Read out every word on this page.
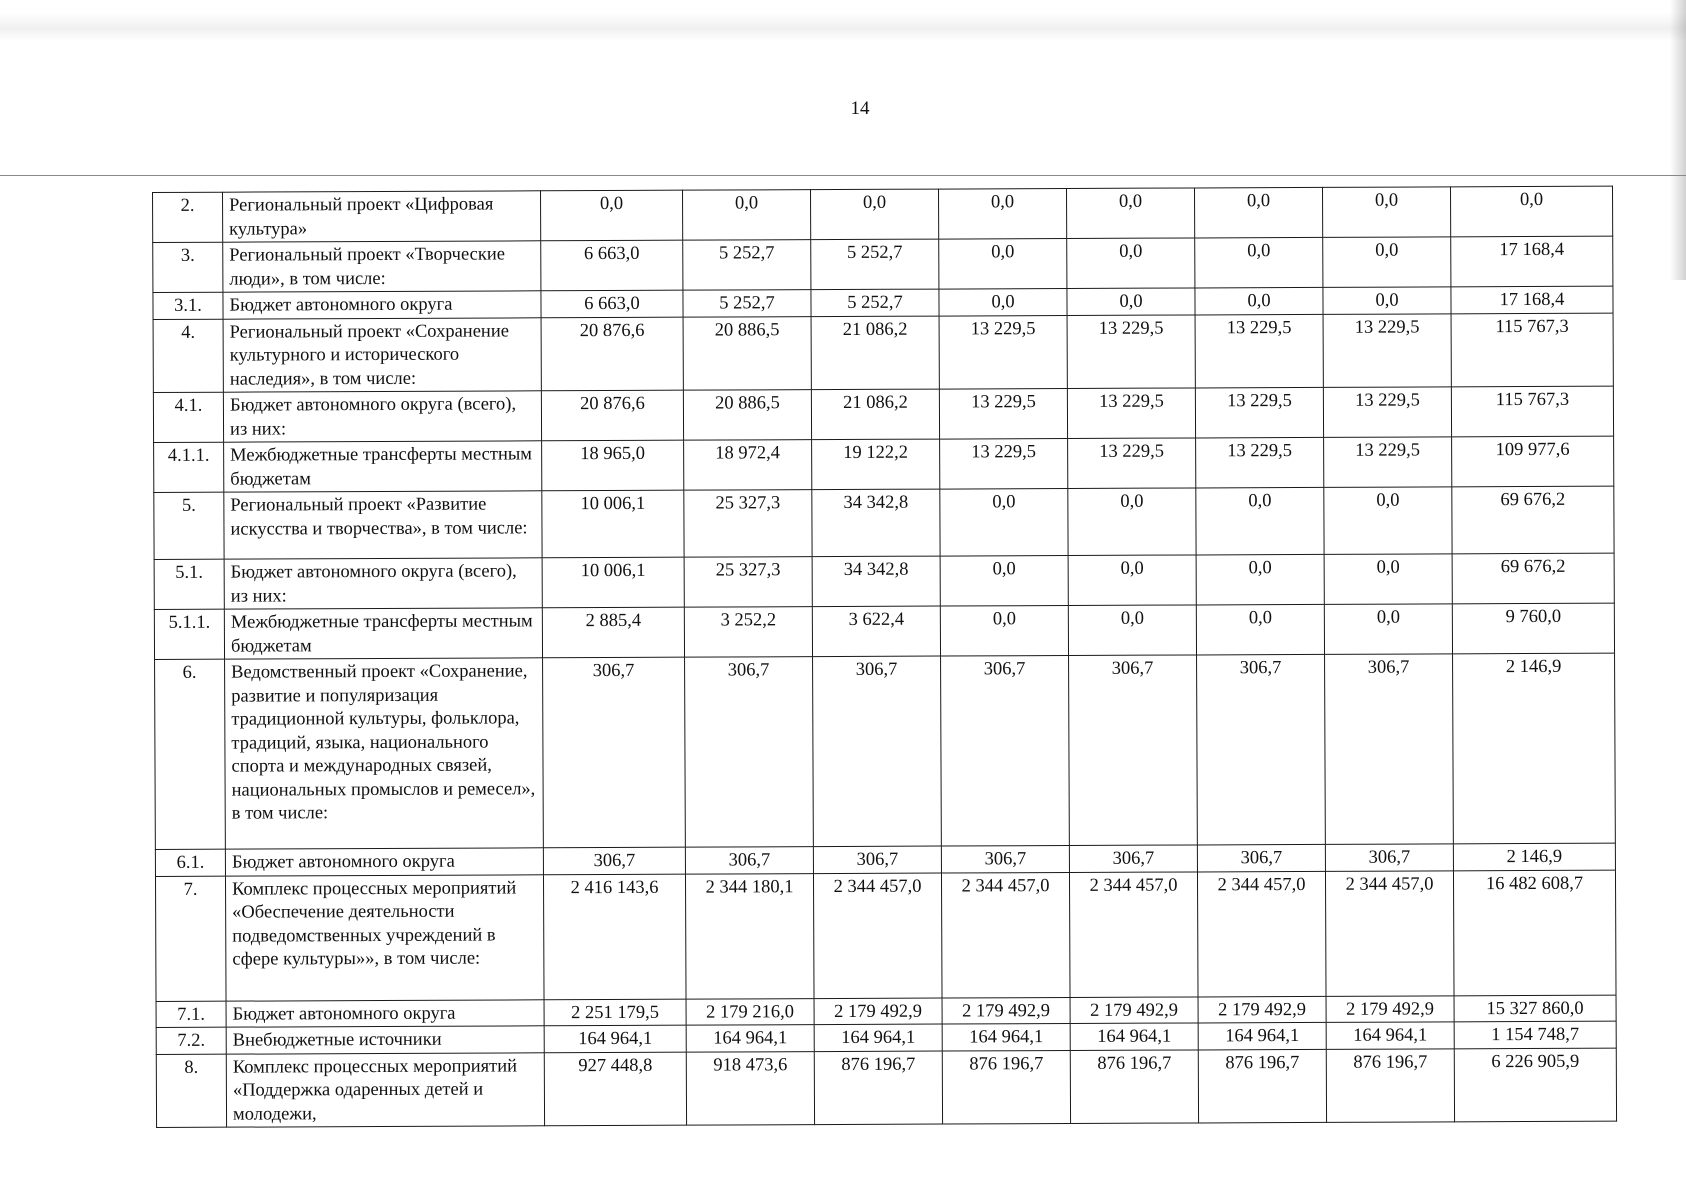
14
2.	Региональный проект «Цифровая культура»	0,0	0,0	0,0	0,0	0,0	0,0	0,0	0,0
3.	Региональный проект «Творческие люди», в том числе:	6 663,0	5 252,7	5 252,7	0,0	0,0	0,0	0,0	17 168,4
3.1.	Бюджет автономного округа	6 663,0	5 252,7	5 252,7	0,0	0,0	0,0	0,0	17 168,4
4.	Региональный проект «Сохранение культурного и исторического наследия», в том числе:	20 876,6	20 886,5	21 086,2	13 229,5	13 229,5	13 229,5	13 229,5	115 767,3
4.1.	Бюджет автономного округа (всего), из них:	20 876,6	20 886,5	21 086,2	13 229,5	13 229,5	13 229,5	13 229,5	115 767,3
4.1.1.	Межбюджетные трансферты местным бюджетам	18 965,0	18 972,4	19 122,2	13 229,5	13 229,5	13 229,5	13 229,5	109 977,6
5.	Региональный проект «Развитие искусства и творчества», в том числе:	10 006,1	25 327,3	34 342,8	0,0	0,0	0,0	0,0	69 676,2
5.1.	Бюджет автономного округа (всего), из них:	10 006,1	25 327,3	34 342,8	0,0	0,0	0,0	0,0	69 676,2
5.1.1.	Межбюджетные трансферты местным бюджетам	2 885,4	3 252,2	3 622,4	0,0	0,0	0,0	0,0	9 760,0
6.	Ведомственный проект «Сохранение, развитие и популяризация традиционной культуры, фольклора, традиций, языка, национального спорта и международных связей, национальных промыслов и ремесел», в том числе:	306,7	306,7	306,7	306,7	306,7	306,7	306,7	2 146,9
6.1.	Бюджет автономного округа	306,7	306,7	306,7	306,7	306,7	306,7	306,7	2 146,9
7.	Комплекс процессных мероприятий «Обеспечение деятельности подведомственных учреждений в сфере культуры»», в том числе:	2 416 143,6	2 344 180,1	2 344 457,0	2 344 457,0	2 344 457,0	2 344 457,0	2 344 457,0	16 482 608,7
7.1.	Бюджет автономного округа	2 251 179,5	2 179 216,0	2 179 492,9	2 179 492,9	2 179 492,9	2 179 492,9	2 179 492,9	15 327 860,0
7.2.	Внебюджетные источники	164 964,1	164 964,1	164 964,1	164 964,1	164 964,1	164 964,1	164 964,1	1 154 748,7
8.	Комплекс процессных мероприятий «Поддержка одаренных детей и молодежи,	927 448,8	918 473,6	876 196,7	876 196,7	876 196,7	876 196,7	876 196,7	6 226 905,9
